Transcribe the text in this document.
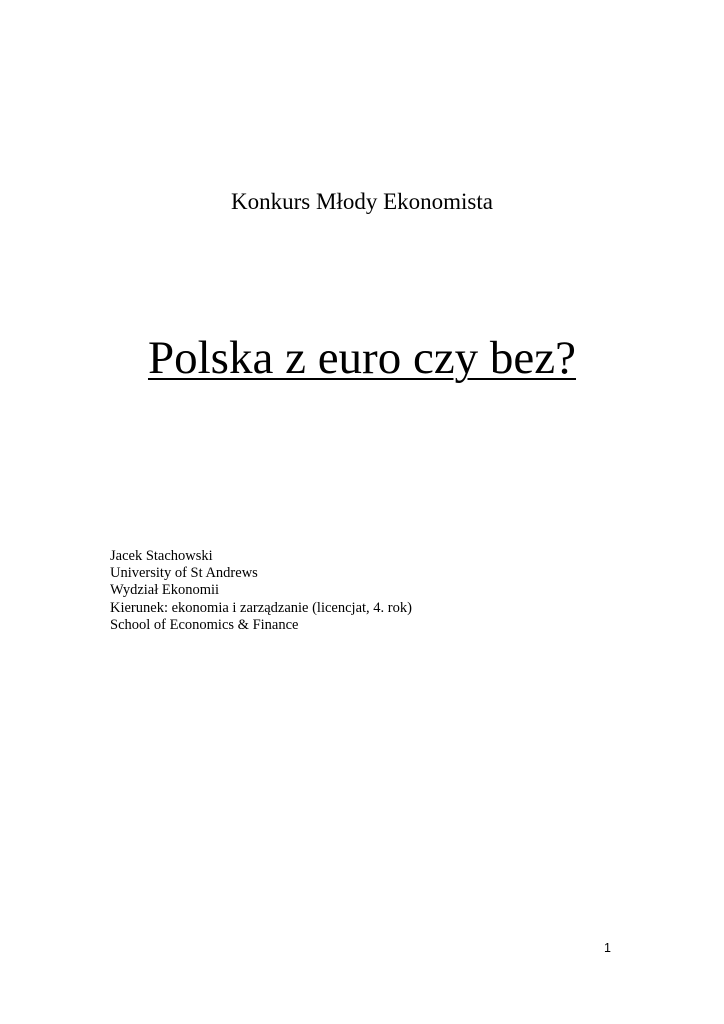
Konkurs Młody Ekonomista
Polska z euro czy bez?
Jacek Stachowski
University of St Andrews
Wydział Ekonomii
Kierunek: ekonomia i zarządzanie (licencjat, 4. rok)
School of Economics & Finance
1
